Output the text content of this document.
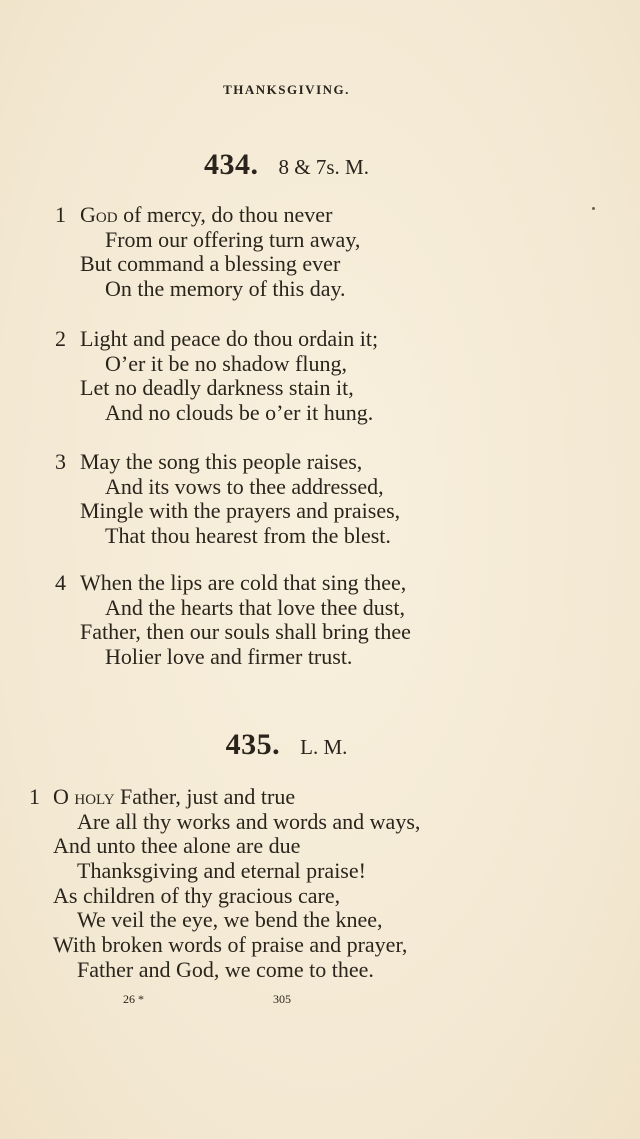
THANKSGIVING.
434. 8 & 7s. M.
1 God of mercy, do thou never
From our offering turn away,
But command a blessing ever
On the memory of this day.
2 Light and peace do thou ordain it;
O’er it be no shadow flung,
Let no deadly darkness stain it,
And no clouds be o’er it hung.
3 May the song this people raises,
And its vows to thee addressed,
Mingle with the prayers and praises,
That thou hearest from the blest.
4 When the lips are cold that sing thee,
And the hearts that love thee dust,
Father, then our souls shall bring thee
Holier love and firmer trust.
435. L. M.
1 O holy Father, just and true
Are all thy works and words and ways,
And unto thee alone are due
Thanksgiving and eternal praise!
As children of thy gracious care,
We veil the eye, we bend the knee,
With broken words of praise and prayer,
Father and God, we come to thee.
26 *	305
